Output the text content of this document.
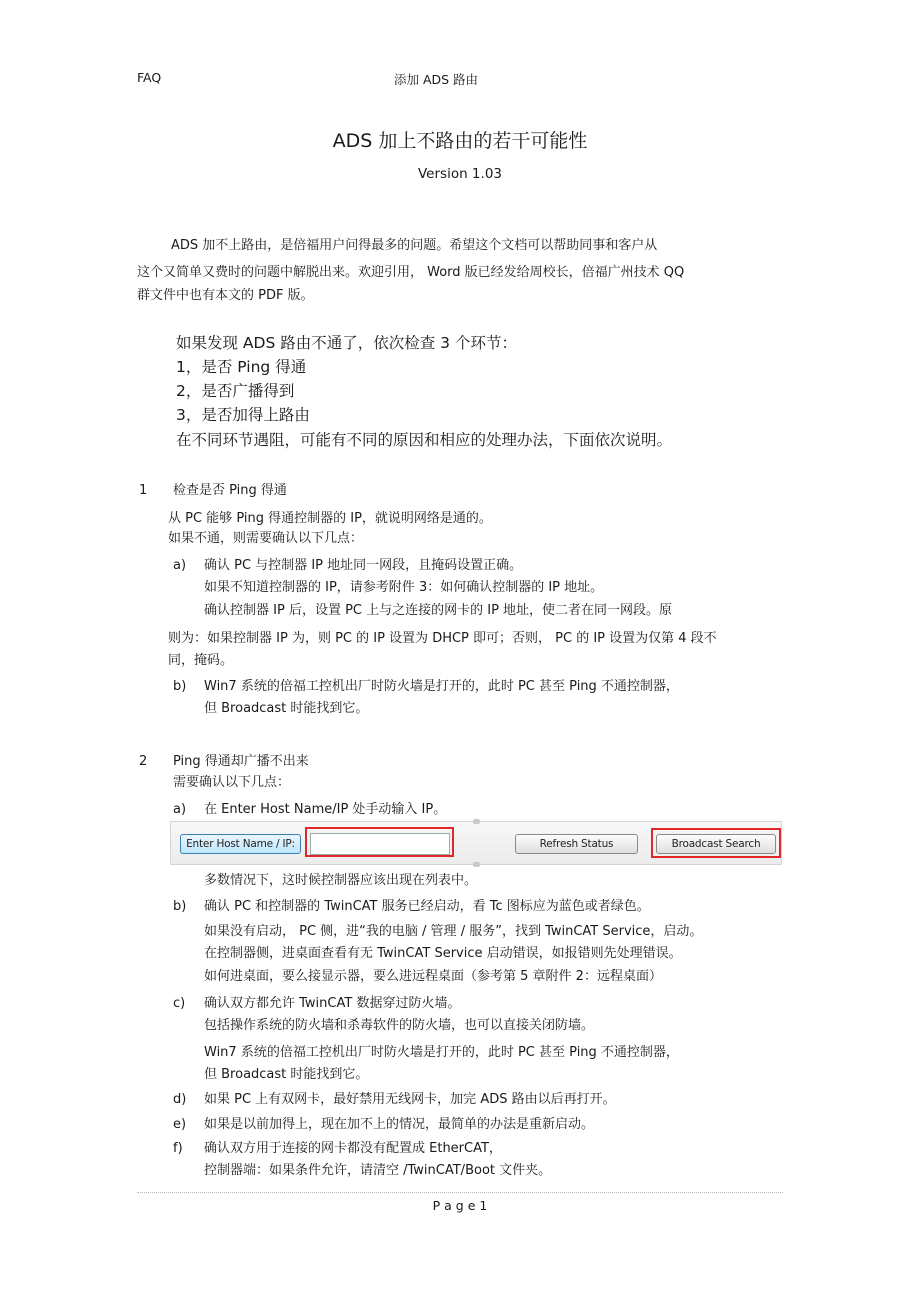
FAQ	添加 ADS 路由
ADS 加上不路由的若干可能性
Version 1.03
ADS 加不上路由，是倍福用户问得最多的问题。希望这个文档可以帮助同事和客户从
这个又简单又费时的问题中解脱出来。欢迎引用， Word 版已经发给周校长，倍福广州技术 QQ
群文件中也有本文的 PDF 版。
如果发现 ADS 路由不通了，依次检查 3 个环节：
1，是否 Ping 得通
2，是否广播得到
3，是否加得上路由
在不同环节遇阻，可能有不同的原因和相应的处理办法，下面依次说明。
1 检查是否 Ping 得通
从 PC 能够 Ping 得通控制器的 IP，就说明网络是通的。
如果不通，则需要确认以下几点：
a) 确认 PC 与控制器 IP 地址同一网段，且掩码设置正确。
如果不知道控制器的 IP，请参考附件 3：如何确认控制器的 IP 地址。
确认控制器 IP 后，设置 PC 上与之连接的网卡的 IP 地址，使二者在同一网段。原
则为：如果控制器 IP 为，则 PC 的 IP 设置为 DHCP 即可；否则， PC 的 IP 设置为仅第 4 段不
同，掩码。
b) Win7 系统的倍福工控机出厂时防火墙是打开的，此时 PC 甚至 Ping 不通控制器，
但 Broadcast 时能找到它。
2 Ping 得通却广播不出来
需要确认以下几点：
a) 在 Enter Host Name/IP 处手动输入 IP。
Enter Host Name / IP:	Refresh Status	Broadcast Search
多数情况下，这时候控制器应该出现在列表中。
b) 确认 PC 和控制器的 TwinCAT 服务已经启动，看 Tc 图标应为蓝色或者绿色。
如果没有启动， PC 侧，进“我的电脑 / 管理 / 服务”，找到 TwinCAT Service，启动。
在控制器侧，进桌面查看有无 TwinCAT Service 启动错误，如报错则先处理错误。
如何进桌面，要么接显示器，要么进远程桌面（参考第 5 章附件 2：远程桌面）
c) 确认双方都允许 TwinCAT 数据穿过防火墙。
包括操作系统的防火墙和杀毒软件的防火墙，也可以直接关闭防墙。
Win7 系统的倍福工控机出厂时防火墙是打开的，此时 PC 甚至 Ping 不通控制器，
但 Broadcast 时能找到它。
d) 如果 PC 上有双网卡，最好禁用无线网卡，加完 ADS 路由以后再打开。
e) 如果是以前加得上，现在加不上的情况，最简单的办法是重新启动。
f) 确认双方用于连接的网卡都没有配置成 EtherCAT，
控制器端：如果条件允许，请清空 /TwinCAT/Boot 文件夹。
P a g e 1
